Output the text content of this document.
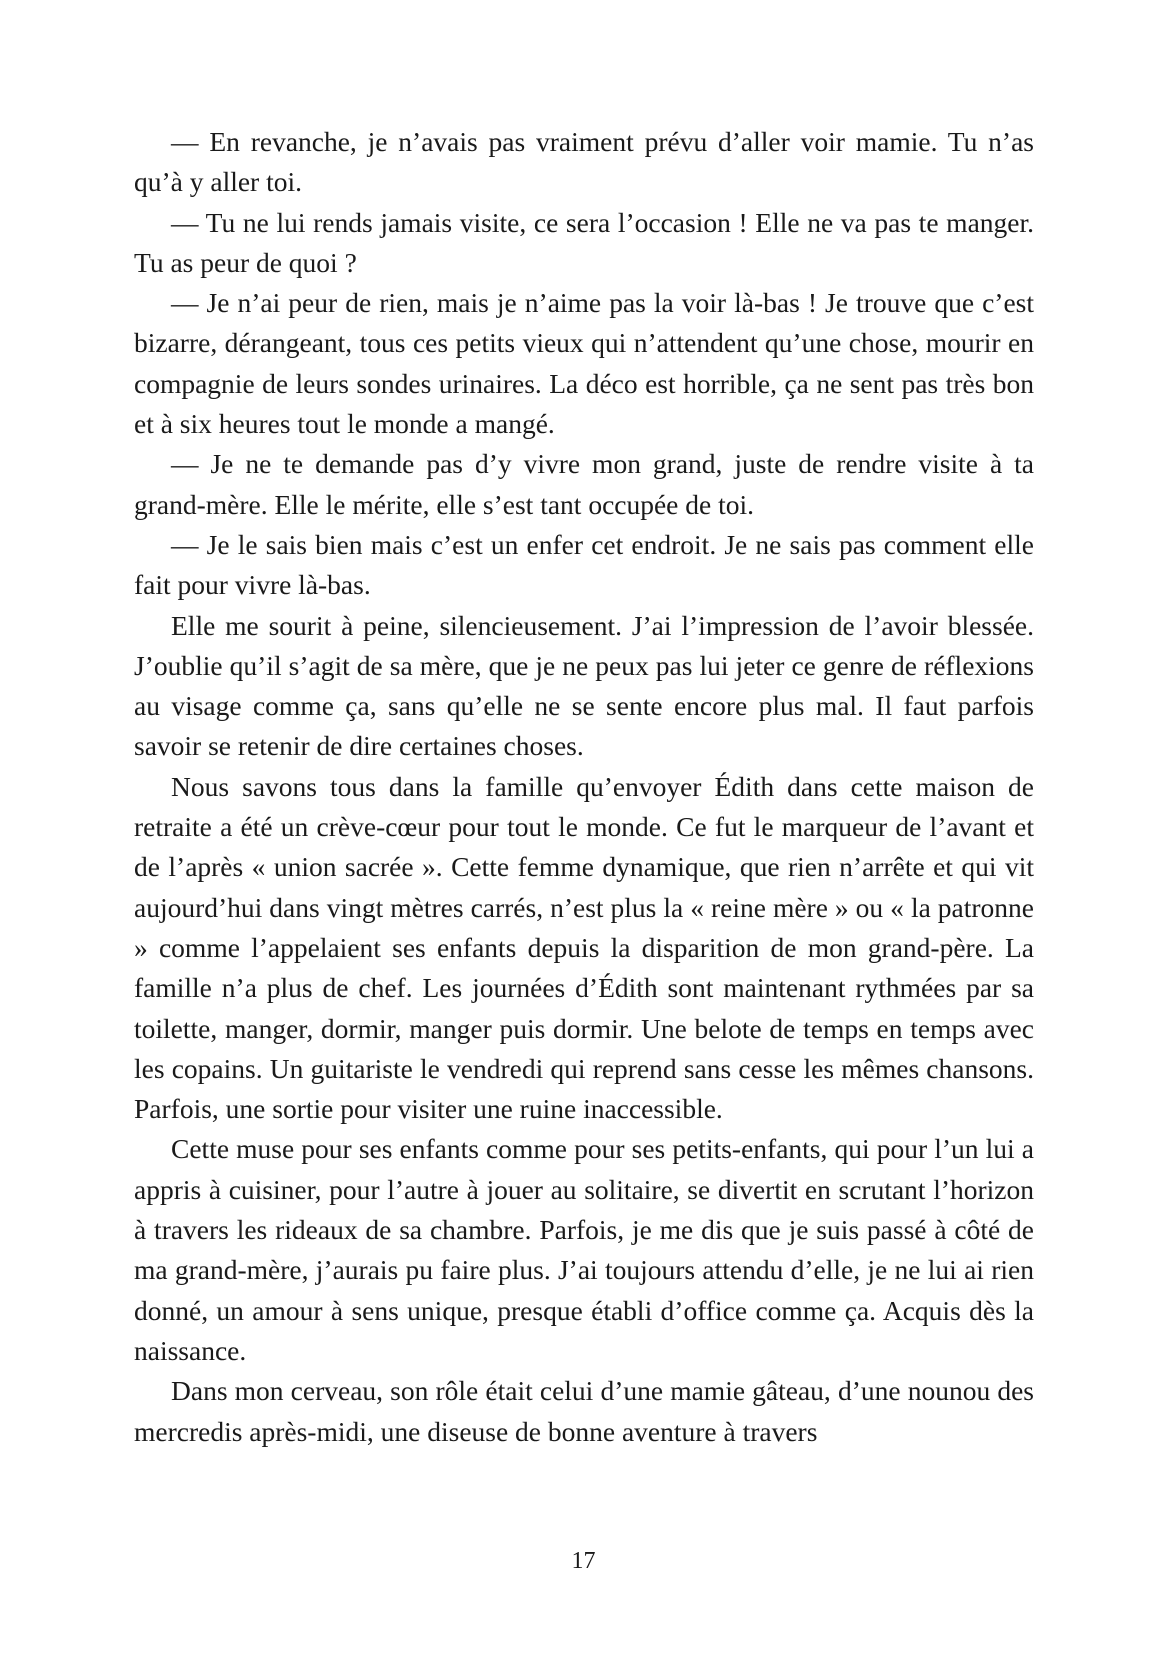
— En revanche, je n’avais pas vraiment prévu d’aller voir mamie. Tu n’as qu’à y aller toi.

— Tu ne lui rends jamais visite, ce sera l’occasion ! Elle ne va pas te manger. Tu as peur de quoi ?

— Je n’ai peur de rien, mais je n’aime pas la voir là-bas ! Je trouve que c’est bizarre, dérangeant, tous ces petits vieux qui n’attendent qu’une chose, mourir en compagnie de leurs sondes urinaires. La déco est horrible, ça ne sent pas très bon et à six heures tout le monde a mangé.

— Je ne te demande pas d’y vivre mon grand, juste de rendre visite à ta grand-mère. Elle le mérite, elle s’est tant occupée de toi.

— Je le sais bien mais c’est un enfer cet endroit. Je ne sais pas comment elle fait pour vivre là-bas.

Elle me sourit à peine, silencieusement. J’ai l’impression de l’avoir blessée. J’oublie qu’il s’agit de sa mère, que je ne peux pas lui jeter ce genre de réflexions au visage comme ça, sans qu’elle ne se sente encore plus mal. Il faut parfois savoir se retenir de dire certaines choses.

Nous savons tous dans la famille qu’envoyer Édith dans cette maison de retraite a été un crève-cœur pour tout le monde. Ce fut le marqueur de l’avant et de l’après « union sacrée ». Cette femme dynamique, que rien n’arrête et qui vit aujourd’hui dans vingt mètres carrés, n’est plus la « reine mère » ou « la patronne » comme l’appelaient ses enfants depuis la disparition de mon grand-père. La famille n’a plus de chef. Les journées d’Édith sont maintenant rythmées par sa toilette, manger, dormir, manger puis dormir. Une belote de temps en temps avec les copains. Un guitariste le vendredi qui reprend sans cesse les mêmes chansons. Parfois, une sortie pour visiter une ruine inaccessible.

Cette muse pour ses enfants comme pour ses petits-enfants, qui pour l’un lui a appris à cuisiner, pour l’autre à jouer au solitaire, se divertit en scrutant l’horizon à travers les rideaux de sa chambre. Parfois, je me dis que je suis passé à côté de ma grand-mère, j’aurais pu faire plus. J’ai toujours attendu d’elle, je ne lui ai rien donné, un amour à sens unique, presque établi d’office comme ça. Acquis dès la naissance.

Dans mon cerveau, son rôle était celui d’une mamie gâteau, d’une nounou des mercredis après-midi, une diseuse de bonne aventure à travers

17
